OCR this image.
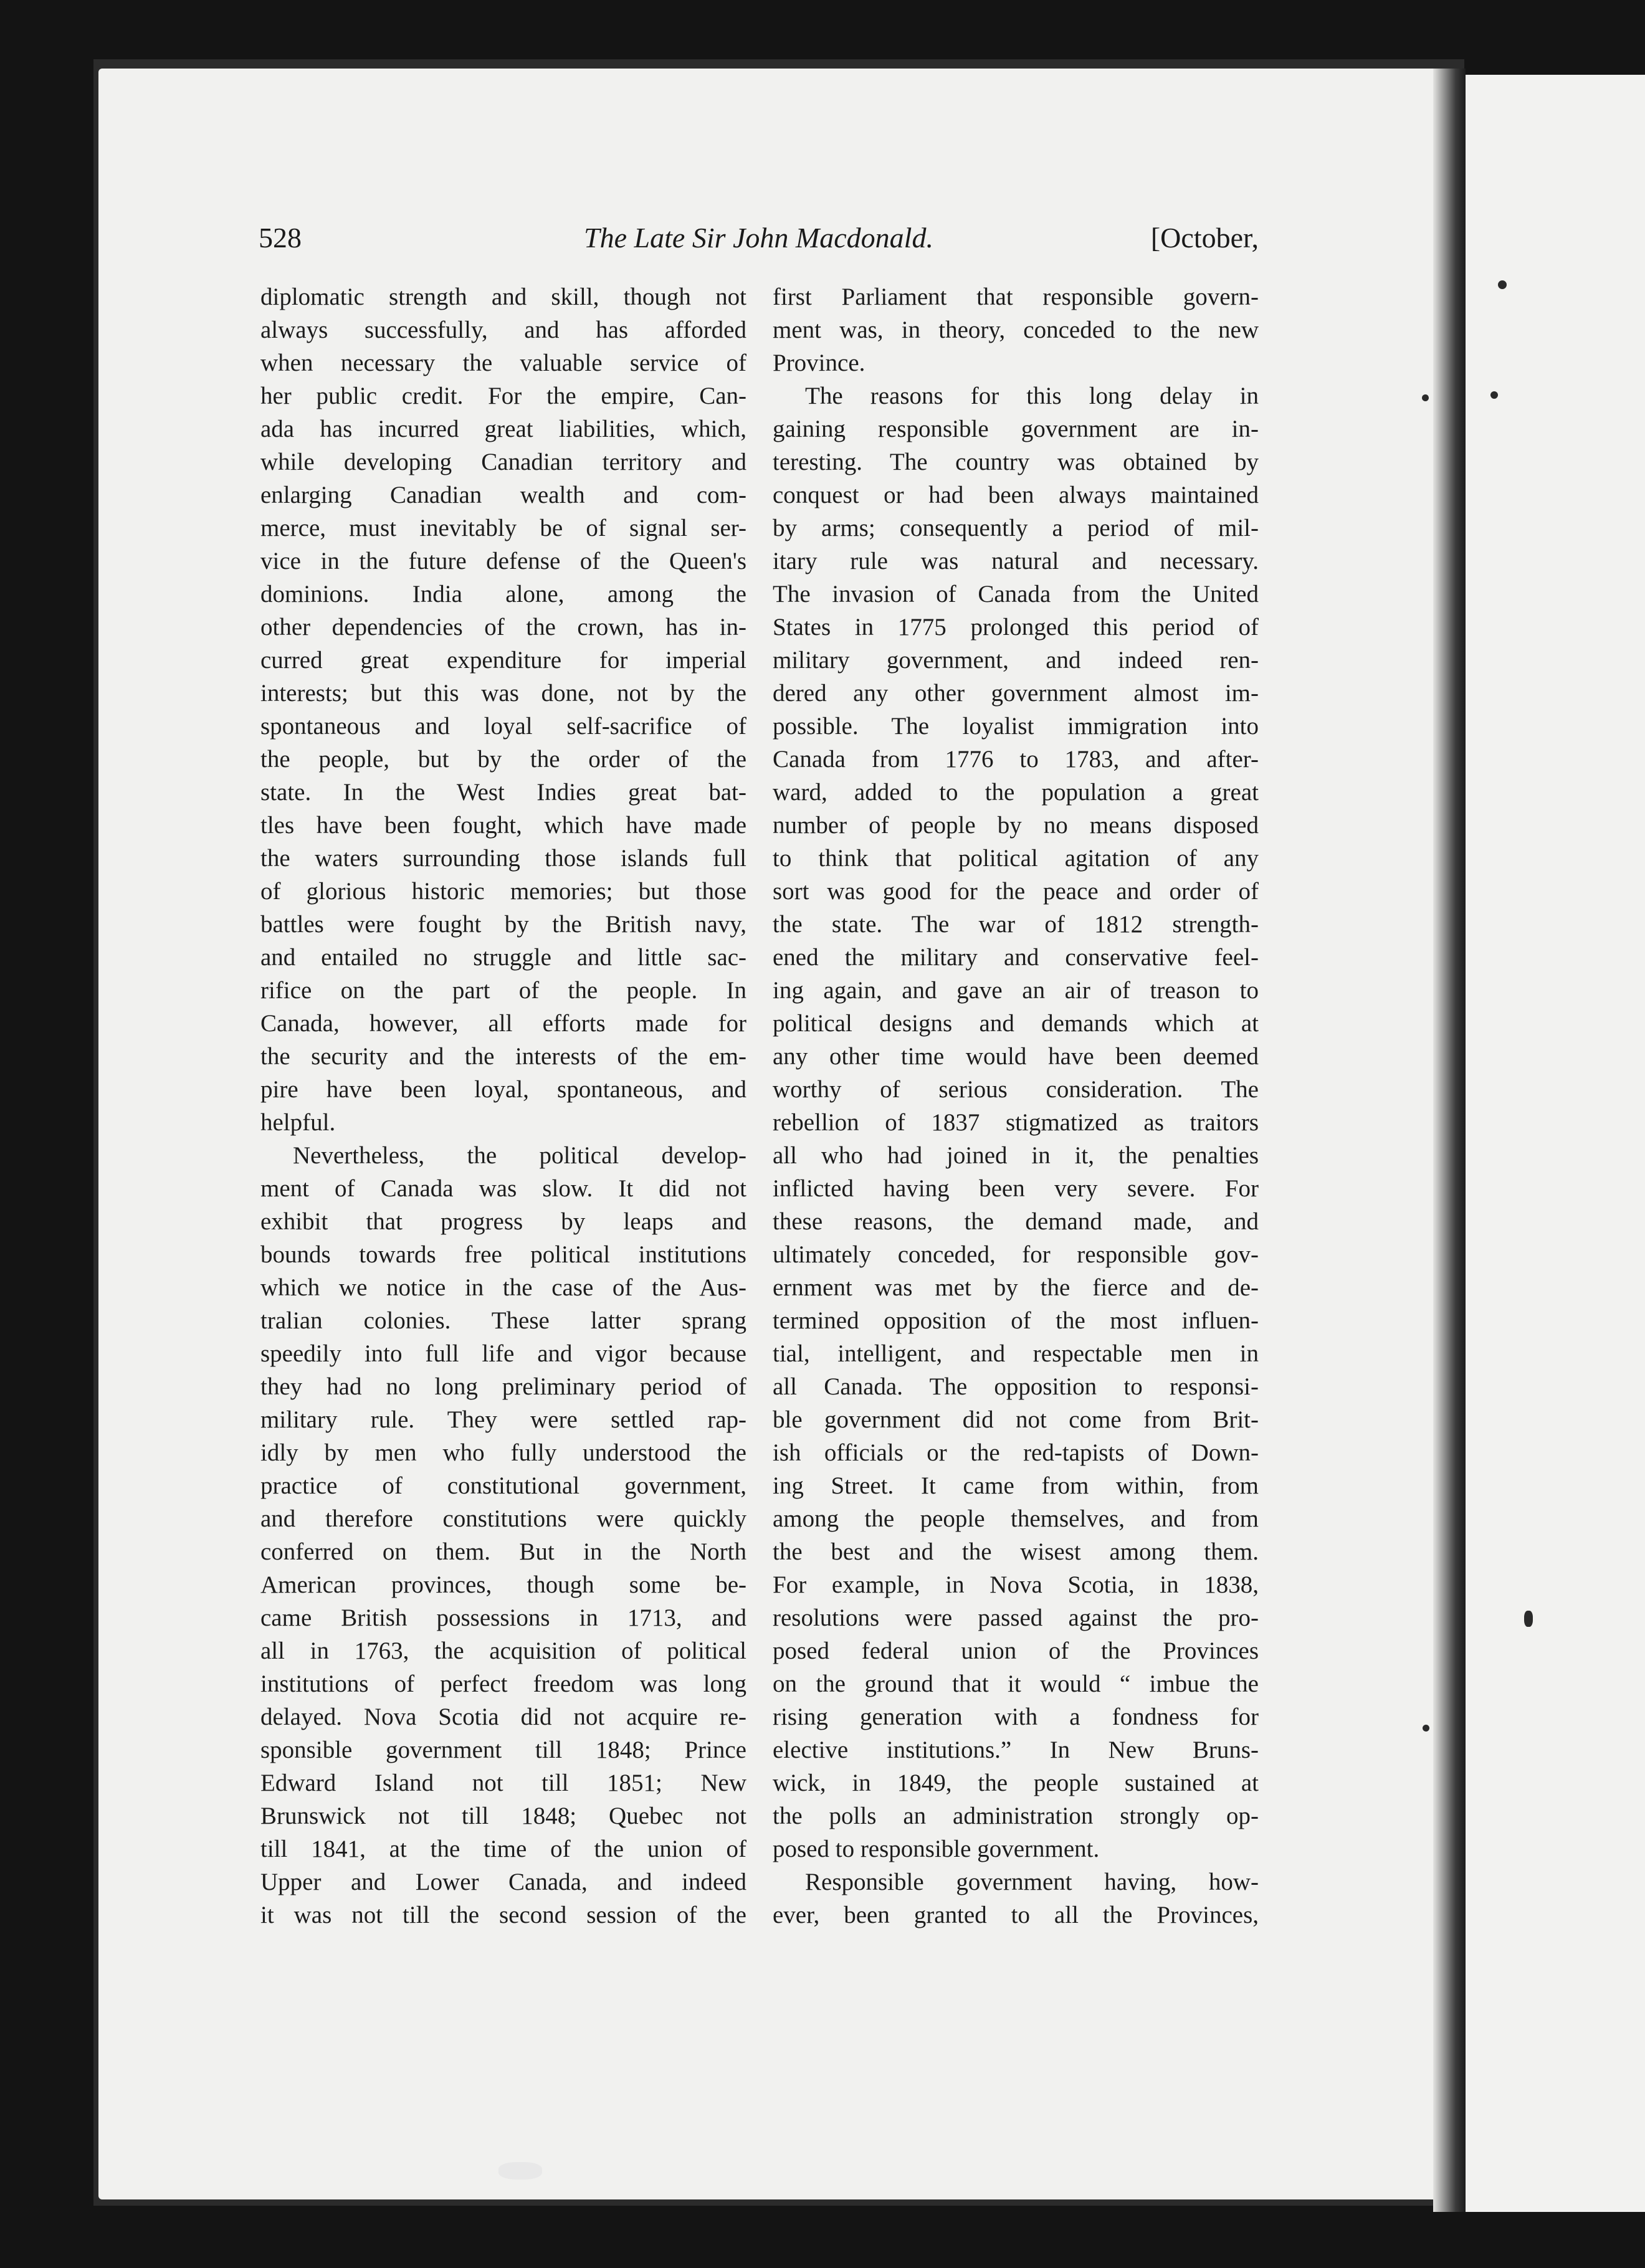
528	The Late Sir John Macdonald.	[October,
diplomatic strength and skill, though not
always successfully, and has afforded
when necessary the valuable service of
her public credit. For the empire, Can-
ada has incurred great liabilities, which,
while developing Canadian territory and
enlarging Canadian wealth and com-
merce, must inevitably be of signal ser-
vice in the future defense of the Queen's
dominions. India alone, among the
other dependencies of the crown, has in-
curred great expenditure for imperial
interests; but this was done, not by the
spontaneous and loyal self-sacrifice of
the people, but by the order of the
state. In the West Indies great bat-
tles have been fought, which have made
the waters surrounding those islands full
of glorious historic memories; but those
battles were fought by the British navy,
and entailed no struggle and little sac-
rifice on the part of the people. In
Canada, however, all efforts made for
the security and the interests of the em-
pire have been loyal, spontaneous, and
helpful.
Nevertheless, the political develop-
ment of Canada was slow. It did not
exhibit that progress by leaps and
bounds towards free political institutions
which we notice in the case of the Aus-
tralian colonies. These latter sprang
speedily into full life and vigor because
they had no long preliminary period of
military rule. They were settled rap-
idly by men who fully understood the
practice of constitutional government,
and therefore constitutions were quickly
conferred on them. But in the North
American provinces, though some be-
came British possessions in 1713, and
all in 1763, the acquisition of political
institutions of perfect freedom was long
delayed. Nova Scotia did not acquire re-
sponsible government till 1848; Prince
Edward Island not till 1851; New
Brunswick not till 1848; Quebec not
till 1841, at the time of the union of
Upper and Lower Canada, and indeed
it was not till the second session of the
first Parliament that responsible govern-
ment was, in theory, conceded to the new
Province.
The reasons for this long delay in
gaining responsible government are in-
teresting. The country was obtained by
conquest or had been always maintained
by arms; consequently a period of mil-
itary rule was natural and necessary.
The invasion of Canada from the United
States in 1775 prolonged this period of
military government, and indeed ren-
dered any other government almost im-
possible. The loyalist immigration into
Canada from 1776 to 1783, and after-
ward, added to the population a great
number of people by no means disposed
to think that political agitation of any
sort was good for the peace and order of
the state. The war of 1812 strength-
ened the military and conservative feel-
ing again, and gave an air of treason to
political designs and demands which at
any other time would have been deemed
worthy of serious consideration. The
rebellion of 1837 stigmatized as traitors
all who had joined in it, the penalties
inflicted having been very severe. For
these reasons, the demand made, and
ultimately conceded, for responsible gov-
ernment was met by the fierce and de-
termined opposition of the most influen-
tial, intelligent, and respectable men in
all Canada. The opposition to responsi-
ble government did not come from Brit-
ish officials or the red-tapists of Down-
ing Street. It came from within, from
among the people themselves, and from
the best and the wisest among them.
For example, in Nova Scotia, in 1838,
resolutions were passed against the pro-
posed federal union of the Provinces
on the ground that it would “ imbue the
rising generation with a fondness for
elective institutions.” In New Bruns-
wick, in 1849, the people sustained at
the polls an administration strongly op-
posed to responsible government.
Responsible government having, how-
ever, been granted to all the Provinces,
